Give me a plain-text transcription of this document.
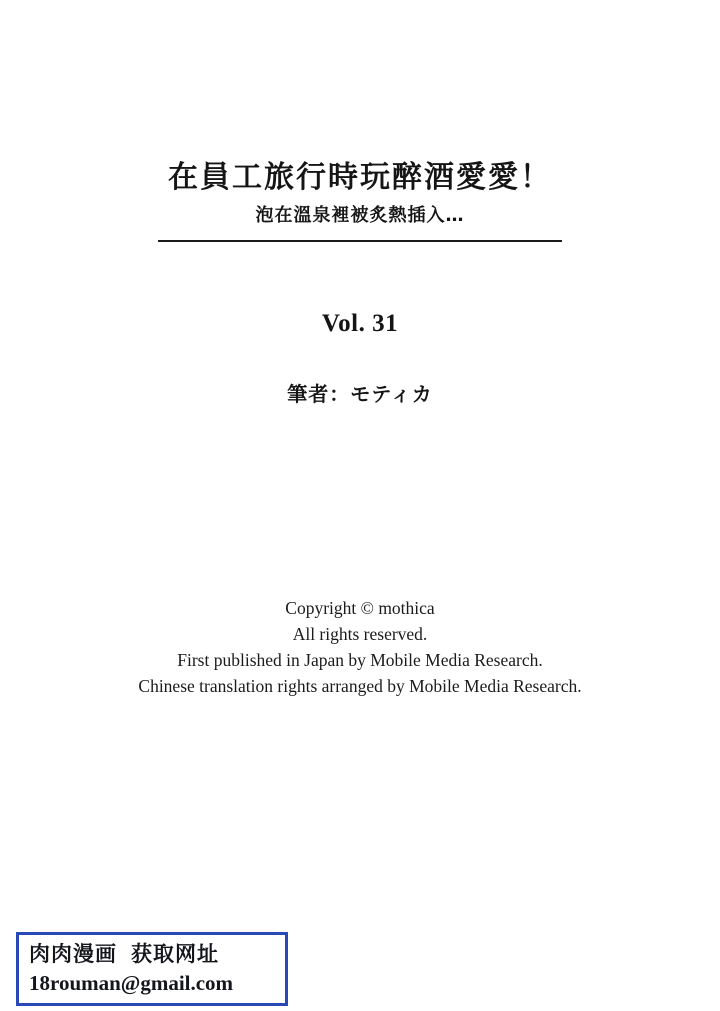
在員工旅行時玩醉酒愛愛！
泡在溫泉裡被炙熱插入…
Vol. 31
筆者：モティカ
Copyright © mothica
All rights reserved.
First published in Japan by Mobile Media Research.
Chinese translation rights arranged by Mobile Media Research.
肉肉漫画 获取网址
18rouman@gmail.com
